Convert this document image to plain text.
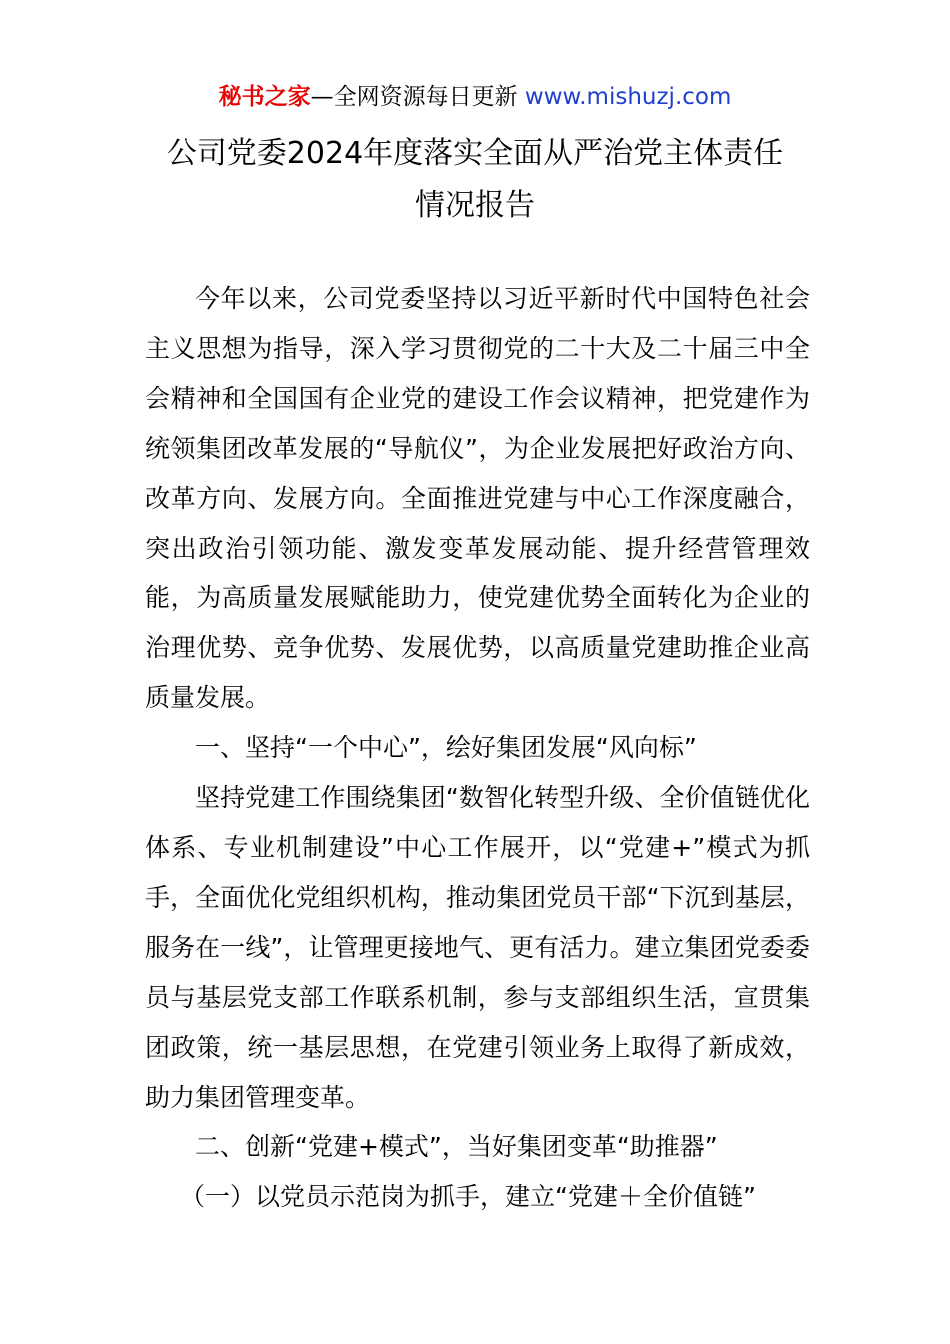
秘书之家—全网资源每日更新 www.mishuzj.com
公司党委2024年度落实全面从严治党主体责任
情况报告

今年以来，公司党委坚持以习近平新时代中国特色社会主义思想为指导，深入学习贯彻党的二十大及二十届三中全会精神和全国国有企业党的建设工作会议精神，把党建作为统领集团改革发展的“导航仪”，为企业发展把好政治方向、改革方向、发展方向。全面推进党建与中心工作深度融合，突出政治引领功能、激发变革发展动能、提升经营管理效能，为高质量发展赋能助力，使党建优势全面转化为企业的治理优势、竞争优势、发展优势，以高质量党建助推企业高质量发展。

一、坚持“一个中心”，绘好集团发展“风向标”

坚持党建工作围绕集团“数智化转型升级、全价值链优化体系、专业机制建设”中心工作展开，以“党建+”模式为抓手，全面优化党组织机构，推动集团党员干部“下沉到基层，服务在一线”，让管理更接地气、更有活力。建立集团党委委员与基层党支部工作联系机制，参与支部组织生活，宣贯集团政策，统一基层思想，在党建引领业务上取得了新成效，助力集团管理变革。

二、创新“党建+模式”，当好集团变革“助推器”

（一）以党员示范岗为抓手，建立“党建＋全价值链”
